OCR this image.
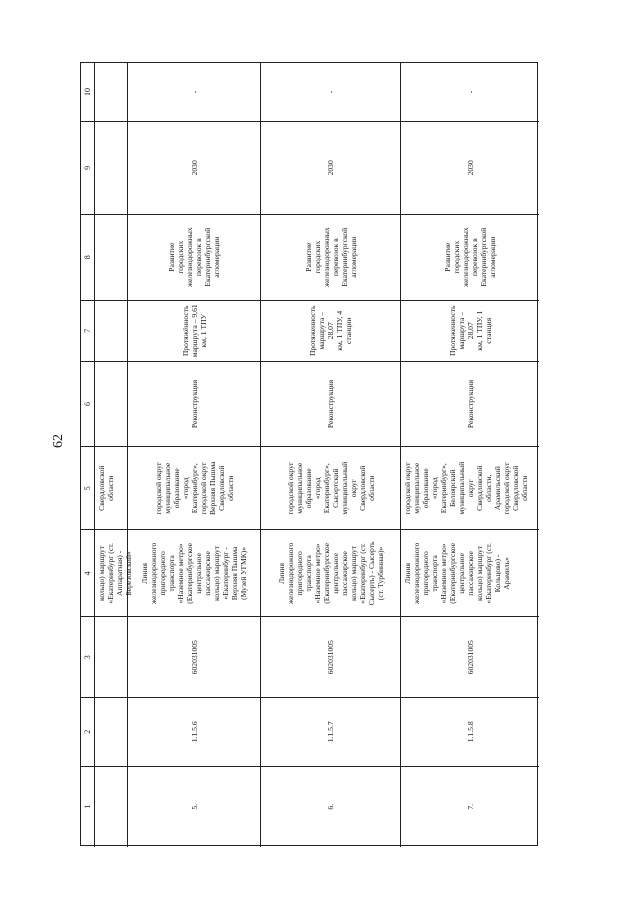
62
1
2
3
4
5
6
7
8
9
10
кольцо) маршрут
«Екатеринбург (ст.
Аппаратная) -
Березовский»
Свердловской
области
5.
1.1.5.6
602031005
Линия
железнодорожного
пригородного
транспорта
«Наземное метро»
(Екатеринбургское
центральное
пассажирское
кольцо) маршрут
«Екатеринбург -
Верхняя Пышма
(Музей УГМК)»
городской округ
муниципальное
образование
«город
Екатеринбург»,
городской округ
Верхняя Пышма
Свердловской
области
Реконструкция
Протяжённость
маршрута – 9,61
км, 1 ТПУ
Развитие
городских
железнодорожных
перевозок в
Екатеринбургской
агломерации
2030
-
6.
1.1.5.7
602031005
Линия
железнодорожного
пригородного
транспорта
«Наземное метро»
(Екатеринбургское
центральное
пассажирское
кольцо) маршрут
«Екатеринбург (ст.
Сысерть) - Сысерть
(ст. Турбинная)»
городской округ
муниципальное
образование
«город
Екатеринбург»,
Сысертский
муниципальный
округ
Свердловской
области
Реконструкция
Протяженность
маршрута – 28,07
км, 1 ТПУ, 4
станции
Развитие
городских
железнодорожных
перевозок в
Екатеринбургской
агломерации
2030
-
7.
1.1.5.8
602031005
Линия
железнодорожного
пригородного
транспорта
«Наземное метро»
(Екатеринбургское
центральное
пассажирское
кольцо) маршрут
«Екатеринбург (ст.
Кольцово) -
Арамиль»
городской округ
муниципальное
образование
«город
Екатеринбург»,
Белоярский
муниципальный
округ
Свердловской
области,
Арамильский
городской округ
Свердловской
области
Реконструкция
Протяженность
маршрута – 28,07
км, 1 ТПУ, 1
станция
Развитие
городских
железнодорожных
перевозок в
Екатеринбургской
агломерации
2030
-
